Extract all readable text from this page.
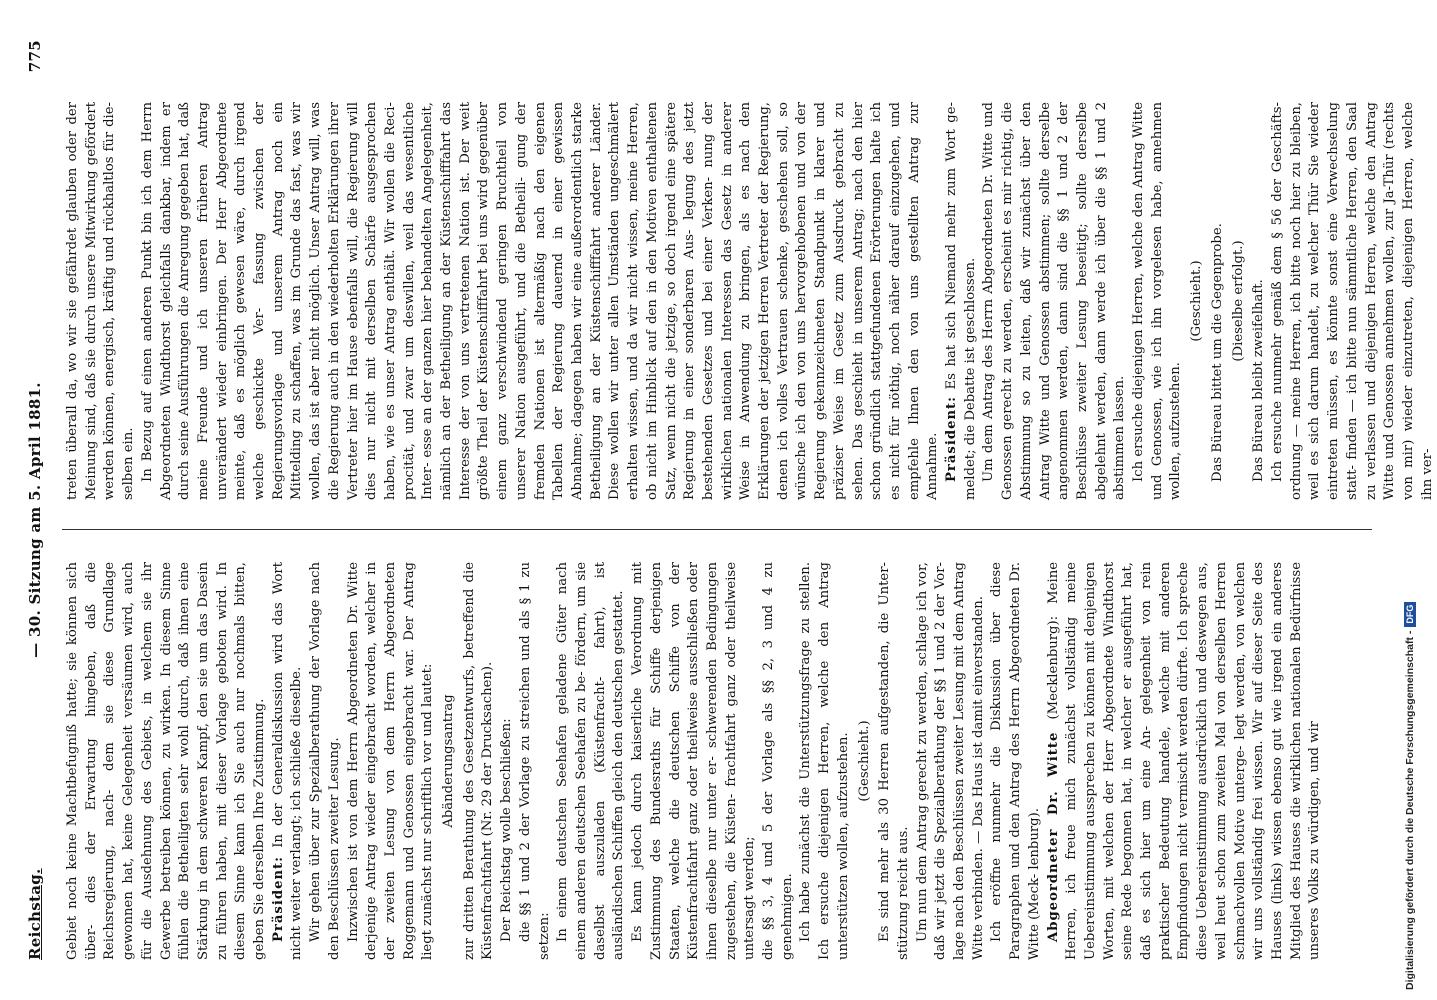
Reichstag.
— 30. Sitzung am 5. April 1881.
775

Gebiet noch keine Machtbefugniß hatte; sie können sich über- dies der Erwartung hingeben, daß die Reichsregierung, nach- dem sie diese Grundlage gewonnen hat, keine Gelegenheit versäumen wird, auch für die Ausdehnung des Gebiets, in welchem sie ihr Gewerbe betreiben können, zu wirken. In diesem Sinne fühlen die Betheiligten sehr wohl durch, daß ihnen eine Stärkung in dem schweren Kampf, den sie um das Dasein zu führen haben, mit dieser Vorlage geboten wird. In diesem Sinne kann ich Sie auch nur nochmals bitten, geben Sie derselben Ihre Zustimmung. Präsident: In der Generaldiskussion wird das Wort nicht weiter verlangt; ich schließe dieselbe. Wir gehen über zur Spezialberathung der Vorlage nach den Beschlüssen zweiter Lesung. Inzwischen ist von dem Herrn Abgeordneten Dr. Witte derjenige Antrag wieder eingebracht worden, welcher in der zweiten Lesung von dem Herrn Abgeordneten Roggemann und Genossen eingebracht war. Der Antrag liegt zunächst nur schriftlich vor und lautet: Abänderungsantrag zur dritten Berathung des Gesetzentwurfs, betreffend die Küstenfrachtfahrt (Nr. 29 der Drucksachen). Der Reichstag wolle beschließen: die §§ 1 und 2 der Vorlage zu streichen und als § 1 zu setzen: In einem deutschen Seehafen geladene Güter nach einem anderen deutschen Seehafen zu be- fördern, um sie daselbst auszuladen (Küstenfracht- fahrt), ist ausländischen Schiffen gleich den deutschen gestattet. Es kann jedoch durch kaiserliche Verordnung mit Zustimmung des Bundesraths für Schiffe derjenigen Staaten, welche die deutschen Schiffe von der Küstenfrachtfahrt ganz oder theilweise ausschließen oder ihnen dieselbe nur unter er- schwerenden Bedingungen zugestehen, die Küsten- frachtfahrt ganz oder theilweise untersagt werden; die §§ 3, 4 und 5 der Vorlage als §§ 2, 3 und 4 zu genehmigen. Ich habe zunächst die Unterstützungsfrage zu stellen. Ich ersuche diejenigen Herren, welche den Antrag unterstützen wollen, aufzustehen. (Geschieht.) Es sind mehr als 30 Herren aufgestanden, die Unter- stützung reicht aus. Um nun dem Antrag gerecht zu werden, schlage ich vor, daß wir jetzt die Spezialberathung der §§ 1 und 2 der Vor- lage nach den Beschlüssen zweiter Lesung mit dem Antrag Witte verbinden. — Das Haus ist damit einverstanden. Ich eröffne nunmehr die Diskussion über diese Paragraphen und den Antrag des Herrn Abgeordneten Dr. Witte (Meck- lenburg). Abgeordneter Dr. Witte (Mecklenburg): Meine Herren, ich freue mich zunächst vollständig meine Uebereinstimmung aussprechen zu können mit denjenigen Worten, mit welchen der Herr Abgeordnete Windthorst seine Rede begonnen hat, in welcher er ausgeführt hat, daß es sich hier um eine An- gelegenheit von rein praktischer Bedeutung handele, welche mit anderen Empfindungen nicht vermischt werden dürfte. Ich spreche diese Uebereinstimmung ausdrücklich und deswegen aus, weil heut schon zum zweiten Mal von derselben Herren schmachvollen Motive unterge- legt werden, von welchen wir uns vollständig frei wissen. Wir auf dieser Seite des Hauses (links) wissen ebenso gut wie irgend ein anderes Mitglied des Hauses die wirklichen nationalen Bedürfnisse unseres Volks zu würdigen, und wir

treten überall da, wo wir sie gefährdet glauben oder der Meinung sind, daß sie durch unsere Mitwirkung gefördert werden können, energisch, kräftig und rückhaltlos für die- selben ein. In Bezug auf einen anderen Punkt bin ich dem Herrn Abgeordneten Windthorst gleichfalls dankbar, indem er durch seine Ausführungen die Anregung gegeben hat, daß meine Freunde und ich unseren früheren Antrag unverändert wieder einbringen. Der Herr Abgeordnete meinte, daß es möglich gewesen wäre, durch irgend welche geschickte Ver- fassung zwischen der Regierungsvorlage und unserem Antrag noch ein Mittelding zu schaffen, was im Grunde das fast, was wir wollen, das ist aber nicht möglich. Unser Antrag will, was die Regierung auch in den wiederholten Erklärungen ihrer Vertreter hier im Hause ebenfalls will, die Regierung will dies nur nicht mit derselben Schärfe ausgesprochen haben, wie es unser Antrag enthält. Wir wollen die Reci- procität, und zwar um deswillen, weil das wesentliche Inter- esse an der ganzen hier behandelten Angelegenheit, nämlich an der Betheiligung an der Küstenschifffahrt das Interesse der von uns vertretenen Nation ist. Der weit größte Theil der Küstenschifffahrt bei uns wird gegenüber einem ganz verschwindend geringen Bruchtheil von unserer Nation ausgeführt, und die Betheili- gung der fremden Nationen ist altermäßig nach den eigenen Tabellen der Regierung dauernd in einer gewissen Abnahme; dagegen haben wir eine außerordentlich starke Betheiligung an der Küstenschifffahrt anderer Länder. Diese wollen wir unter allen Umständen ungeschmälert erhalten wissen, und da wir nicht wissen, meine Herren, ob nicht im Hinblick auf den in den Motiven enthaltenen Satz, wenn nicht die jetzige, so doch irgend eine spätere Regierung in einer sonderbaren Aus- legung des jetzt bestehenden Gesetzes und bei einer Verken- nung der wirklichen nationalen Interessen das Gesetz in anderer Weise in Anwendung zu bringen, als es nach den Erklärungen der jetzigen Herren Vertreter der Regierung, denen ich volles Vertrauen schenke, geschehen soll, so wünsche ich den von uns hervorgehobenen und von der Regierung gekennzeichneten Standpunkt in klarer und präziser Weise im Gesetz zum Ausdruck gebracht zu sehen. Das geschieht in unserem Antrag; nach den hier schon gründlich stattgefundenen Erörterungen halte ich es nicht für nöthig, noch näher darauf einzugehen, und empfehle Ihnen den von uns gestellten Antrag zur Annahme. Präsident: Es hat sich Niemand mehr zum Wort ge- meldet; die Debatte ist geschlossen. Um dem Antrag des Herrn Abgeordneten Dr. Witte und Genossen gerecht zu werden, erscheint es mir richtig, die Abstimmung so zu leiten, daß wir zunächst über den Antrag Witte und Genossen abstimmen; sollte derselbe angenommen werden, dann sind die §§ 1 und 2 der Beschlüsse zweiter Lesung beseitigt; sollte derselbe abgelehnt werden, dann werde ich über die §§ 1 und 2 abstimmen lassen. Ich ersuche diejenigen Herren, welche den Antrag Witte und Genossen, wie ich ihn vorgelesen habe, annehmen wollen, aufzustehen.

(Geschieht.) Das Büreau bittet um die Gegenprobe. (Dieselbe erfolgt.) Das Büreau bleibt zweifelhaft. Ich ersuche nunmehr gemäß dem § 56 der Geschäfts- ordnung — meine Herren, ich bitte noch hier zu bleiben, weil es sich darum handelt, zu welcher Thür Sie wieder eintreten müssen, es könnte sonst eine Verwechselung statt- finden — ich bitte nun sämmtliche Herren, den Saal zu verlassen und diejenigen Herren, welche den Antrag Witte und Genossen annehmen wollen, zur Ja-Thür (rechts von mir) wieder einzutreten, diejenigen Herren, welche ihn ver-

Digitalisierung gefördert durch die Deutsche Forschungsgemeinschaft -DFG
